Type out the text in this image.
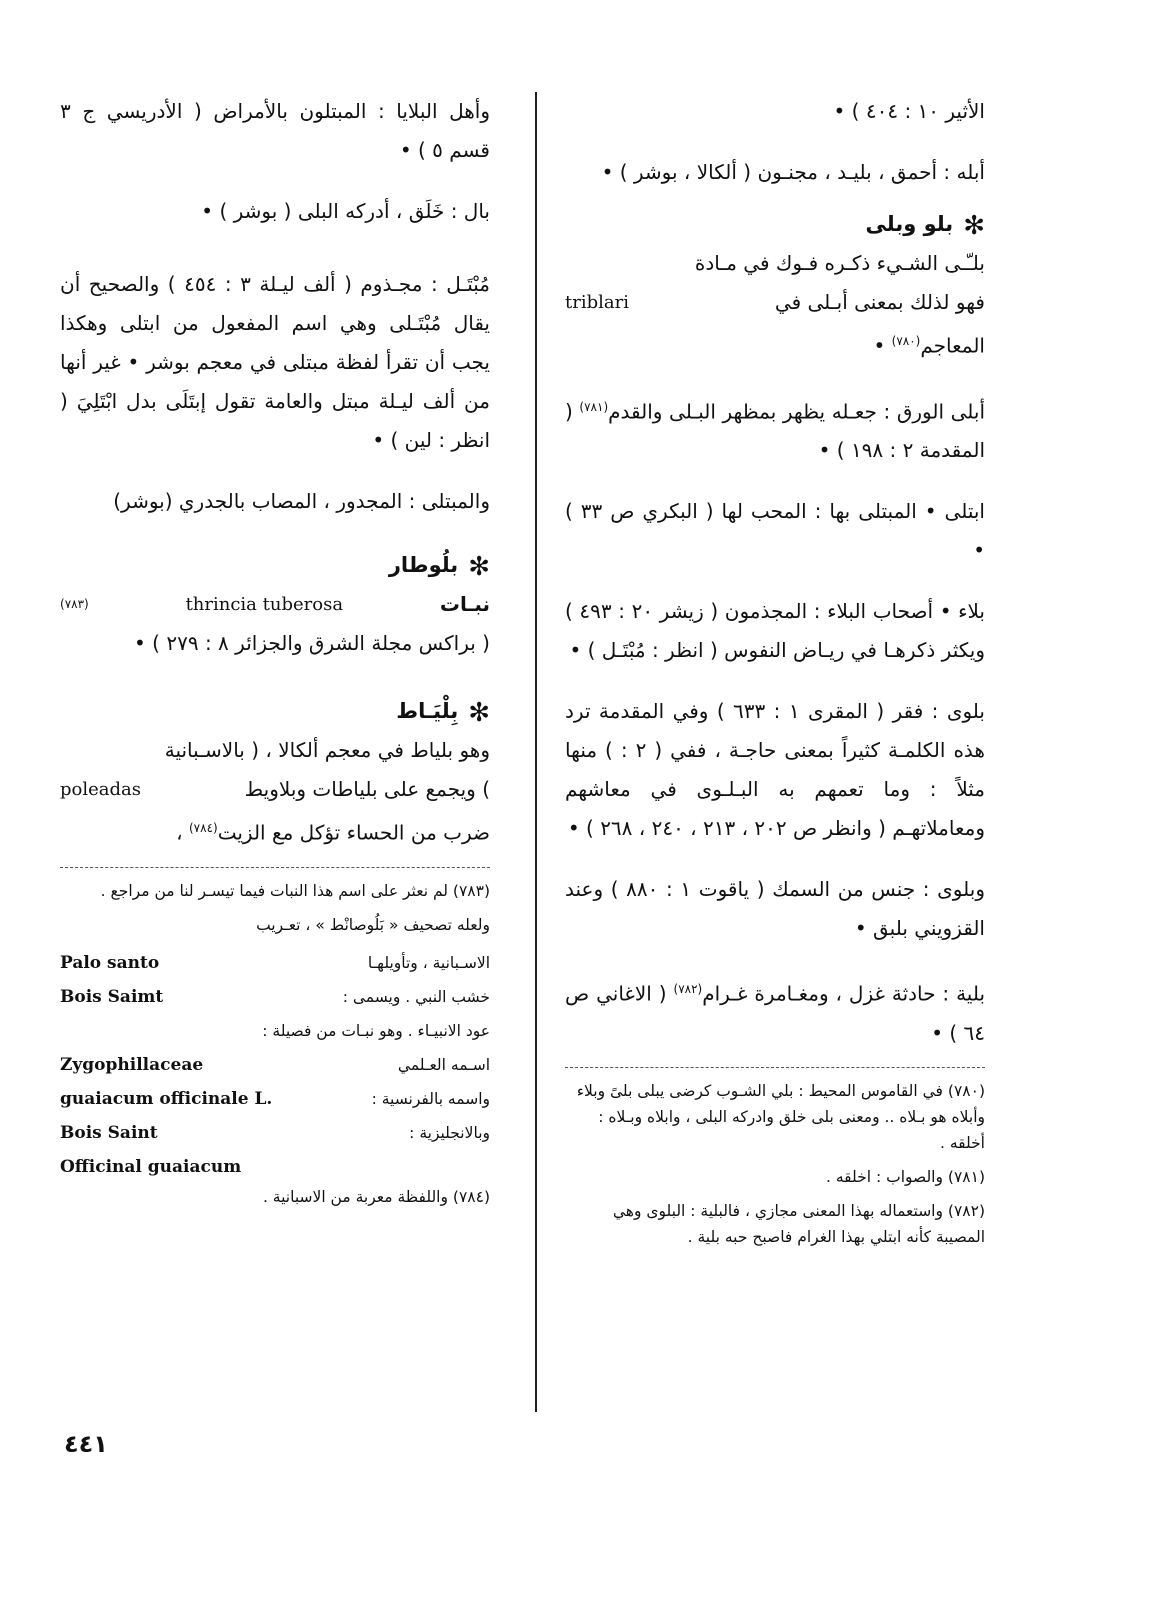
الأثير ١٠ : ٤٠٤ ) •

أبله : أحمق ، بليـد ، مجنـون ( ألكالا ، بوشر ) •

✻بلو وبلى
بلـّـى الشـيء ذكـره فـوك في مـادة
فهو لذلك بمعنى أبـلى في
triblari
المعاجم$^{(٧٨٠)}$ •

أبلى الورق : جعـله يظهر بمظهر البـلى والقدم$^{(٧٨١)}$ ( المقدمة ٢ : ١٩٨ ) •

ابتلى • المبتلى بها : المحب لها ( البكري ص ٣٣ ) •

بلاء • أصحاب البلاء : المجذمون ( زيشر ٢٠ : ٤٩٣ ) ويكثر ذكرهـا في ريـاض النفوس ( انظر : مُبْتَـل ) •

بلوى : فقر ( المقرى ١ : ٦٣٣ ) وفي المقدمة ترد هذه الكلمـة كثيراً بمعنى حاجـة ، ففي ( ٢ : ) منها مثلاً : وما تعمهم به البـلـوى في معاشهم ومعاملاتهـم ( وانظر ص ٢٠٢ ، ٢١٣ ، ٢٤٠ ، ٢٦٨ ) •

وبلوى : جنس من السمك ( ياقوت ١ : ٨٨٠ ) وعند القزويني بلبق •

بلية : حادثة غزل ، ومغـامرة غـرام$^{(٧٨٢)}$ ( الاغاني ص ٦٤ ) •

(٧٨٠) في القاموس المحيط : بلي الشـوب كرضى يبلى بلىً وبلاء وأبلاه هو بـلاه .. ومعنى بلى خلق وادركه البلى ، وابلاه وبـلاه : أخلقه .

(٧٨١) والصواب : اخلقه .

(٧٨٢) واستعماله بهذا المعنى مجازي ، فالبلية : البلوى وهي المصيبة كأنه ابتلي بهذا الغرام فاصبح حبه بلية .

وأهل البلايا : المبتلون بالأمراض ( الأدريسي ج ٣ قسم ٥ ) •

بال : خَلَق ، أدركه البلى ( بوشر ) •

مُبْتَـل : مجـذوم ( ألف ليـلة ٣ : ٤٥٤ ) والصحيح أن يقال مُبْتَـلى وهي اسم المفعول من ابتلى وهكذا يجب أن تقرأ لفظة مبتلى في معجم بوشر • غير أنها من ألف ليـلة مبتل والعامة تقول إبتَلَى بدل ابْتَلِيَ ( انظر : لين ) •

والمبتلى : المجدور ، المصاب بالجدري (بوشر)

✻بلُوطار
نبـات
thrincia tuberosa
(٧٨٣)

( براكس مجلة الشرق والجزائر ٨ : ٢٧٩ ) •

✻بِلْيَـاط
وهو بلياط في معجم ألكالا ، ( بالاسـبانية
) ويجمع على بلياطات وبلاويط
poleadas
ضرب من الحساء تؤكل مع الزيت$^{(٧٨٤)}$ ،

(٧٨٣) لم نعثر على اسم هذا النبات فيما تيسـر لنا من مراجع .

ولعله تصحيف « بَلُوصانْط » ، تعـريب

الاسـبانية ، وتأويلهـا
Palo santo
خشب النبي . ويسمى :
Bois Saimt
عود الانبيـاء . وهو نبـات من فصيلة :
اسـمه العـلمي
Zygophillaceae
واسمه بالفرنسية :
guaiacum officinale L.
وبالانجليزية :
Bois Saint
Officinal guaiacum

(٧٨٤) واللفظة معربة من الاسبانية .

٤٤١
